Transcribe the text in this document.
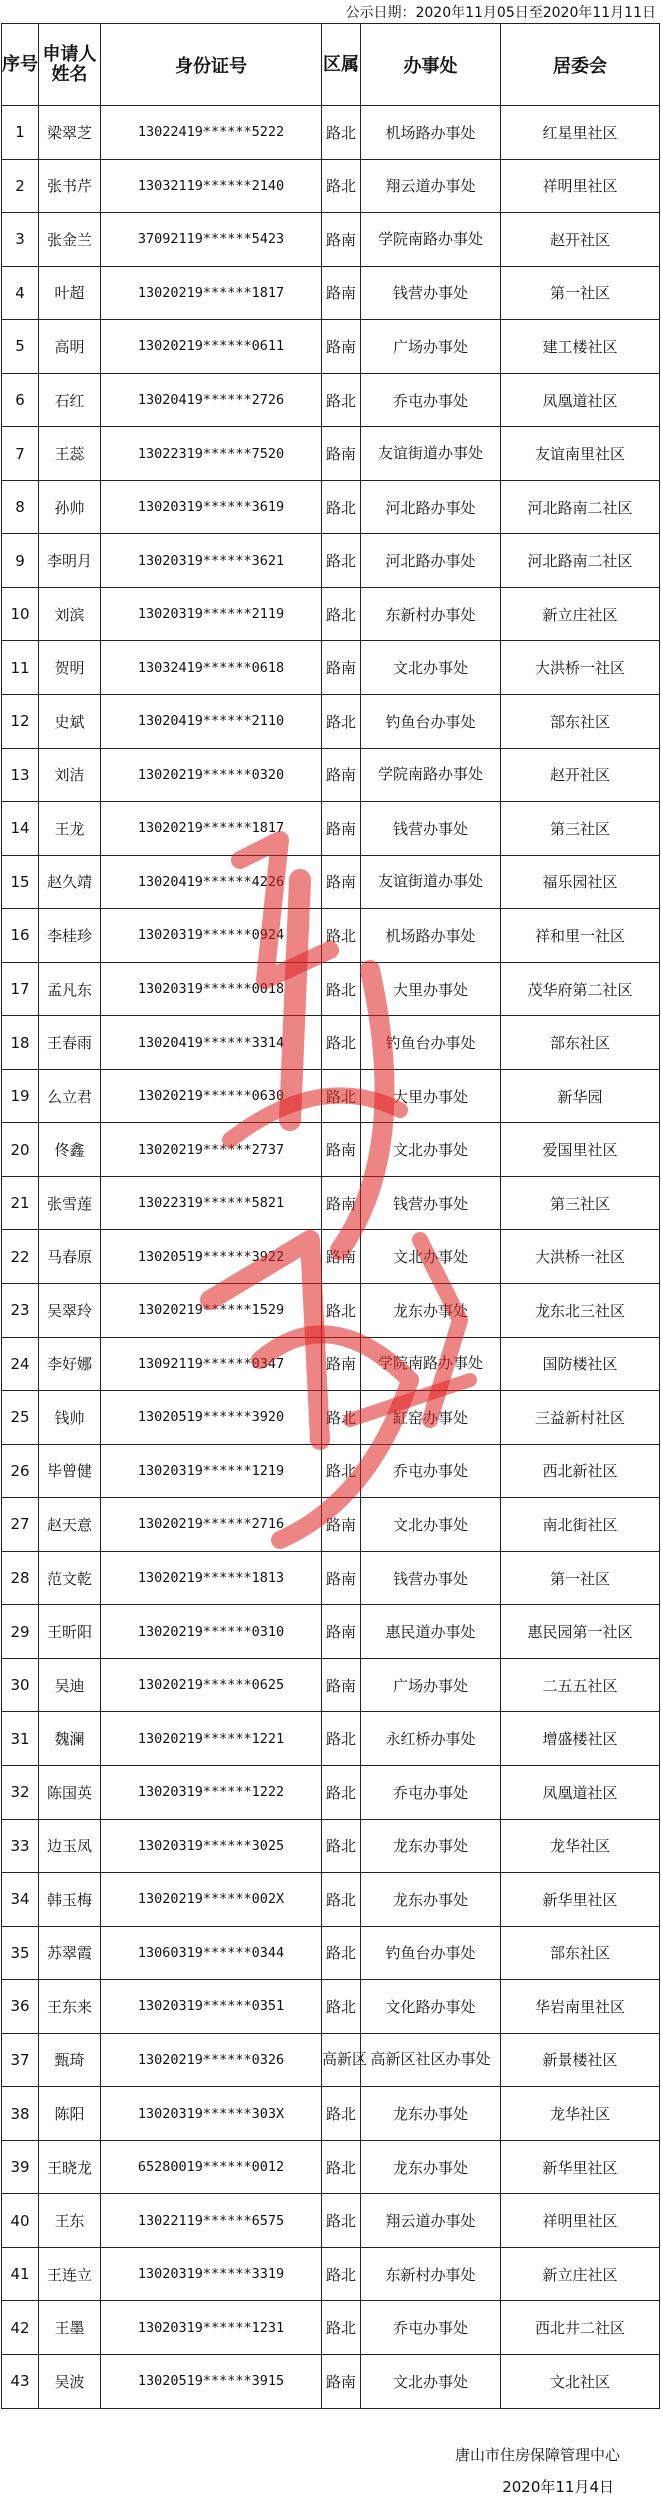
公示日期：2020年11月05日至2020年11月11日
序号	申请人姓名	身份证号	区属	办事处	居委会
1	梁翠芝	13022419******5222	路北	机场路办事处	红星里社区
2	张书芹	13032119******2140	路北	翔云道办事处	祥明里社区
3	张金兰	37092119******5423	路南	学院南路办事处	赵开社区
4	叶超	13020219******1817	路南	钱营办事处	第一社区
5	高明	13020219******0611	路南	广场办事处	建工楼社区
6	石红	13020419******2726	路北	乔屯办事处	凤凰道社区
7	王蕊	13022319******7520	路南	友谊街道办事处	友谊南里社区
8	孙帅	13020319******3619	路北	河北路办事处	河北路南二社区
9	李明月	13020319******3621	路北	河北路办事处	河北路南二社区
10	刘滨	13020319******2119	路北	东新村办事处	新立庄社区
11	贺明	13032419******0618	路南	文北办事处	大洪桥一社区
12	史斌	13020419******2110	路北	钓鱼台办事处	部东社区
13	刘洁	13020219******0320	路南	学院南路办事处	赵开社区
14	王龙	13020219******1817	路南	钱营办事处	第三社区
15	赵久靖	13020419******4226	路南	友谊街道办事处	福乐园社区
16	李桂珍	13020319******0924	路北	机场路办事处	祥和里一社区
17	孟凡东	13020319******0018	路北	大里办事处	茂华府第二社区
18	王春雨	13020419******3314	路北	钓鱼台办事处	部东社区
19	么立君	13020219******0630	路北	大里办事处	新华园
20	佟鑫	13020219******2737	路南	文北办事处	爱国里社区
21	张雪莲	13022319******5821	路南	钱营办事处	第三社区
22	马春原	13020519******3922	路南	文北办事处	大洪桥一社区
23	吴翠玲	13020219******1529	路北	龙东办事处	龙东北三社区
24	李好娜	13092119******0347	路南	学院南路办事处	国防楼社区
25	钱帅	13020519******3920	路北	缸窑办事处	三益新村社区
26	毕曾健	13020319******1219	路北	乔屯办事处	西北新社区
27	赵天意	13020219******2716	路南	文北办事处	南北街社区
28	范文乾	13020219******1813	路南	钱营办事处	第一社区
29	王昕阳	13020219******0310	路南	惠民道办事处	惠民园第一社区
30	吴迪	13020219******0625	路南	广场办事处	二五五社区
31	魏澜	13020219******1221	路北	永红桥办事处	增盛楼社区
32	陈国英	13020319******1222	路北	乔屯办事处	凤凰道社区
33	边玉凤	13020319******3025	路北	龙东办事处	龙华社区
34	韩玉梅	13020219******002X	路北	龙东办事处	新华里社区
35	苏翠霞	13060319******0344	路北	钓鱼台办事处	部东社区
36	王东来	13020319******0351	路北	文化路办事处	华岩南里社区
37	甄琦	13020219******0326	高新区	高新区社区办事处	新景楼社区
38	陈阳	13020319******303X	路北	龙东办事处	龙华社区
39	王晓龙	65280019******0012	路北	龙东办事处	新华里社区
40	王东	13022119******6575	路北	翔云道办事处	祥明里社区
41	王连立	13020319******3319	路北	东新村办事处	新立庄社区
42	王墨	13020319******1231	路北	乔屯办事处	西北井二社区
43	吴波	13020519******3915	路南	文北办事处	文北社区
唐山市住房保障管理中心
2020年11月4日
